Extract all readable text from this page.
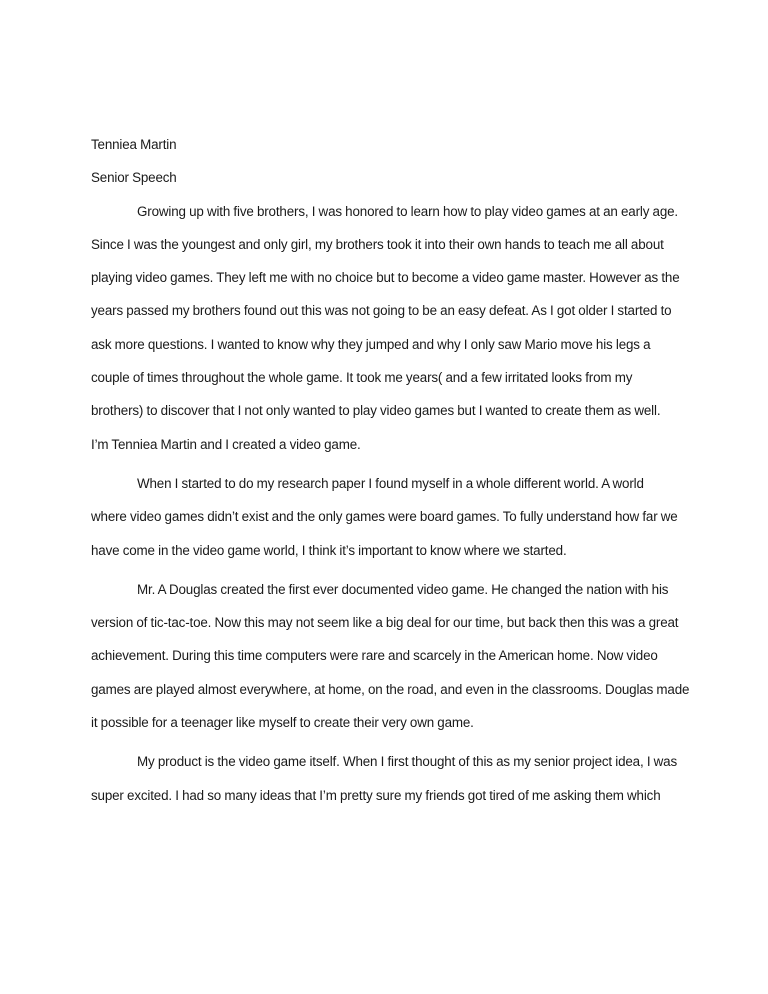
Tenniea Martin
Senior Speech
Growing up with five brothers, I was honored to learn how to play video games at an early age.
Since I was the youngest and only girl, my brothers took it into their own hands to teach me all about
playing video games. They left me with no choice but to become a video game master. However as the
years passed my brothers found out this was not going to be an easy defeat. As I got older I started to
ask more questions. I wanted to know why they jumped and why I only saw Mario move his legs a
couple of times throughout the whole game. It took me years( and a few irritated looks from my
brothers) to discover that I not only wanted to play video games but I wanted to create them as well.
I’m Tenniea Martin and I created a video game.
When I started to do my research paper I found myself in a whole different world. A world
where video games didn’t exist and the only games were board games. To fully understand how far we
have come in the video game world, I think it’s important to know where we started.
Mr. A Douglas created the first ever documented video game. He changed the nation with his
version of tic-tac-toe. Now this may not seem like a big deal for our time, but back then this was a great
achievement. During this time computers were rare and scarcely in the American home. Now video
games are played almost everywhere, at home, on the road, and even in the classrooms. Douglas made
it possible for a teenager like myself to create their very own game.
My product is the video game itself. When I first thought of this as my senior project idea, I was
super excited. I had so many ideas that I’m pretty sure my friends got tired of me asking them which
